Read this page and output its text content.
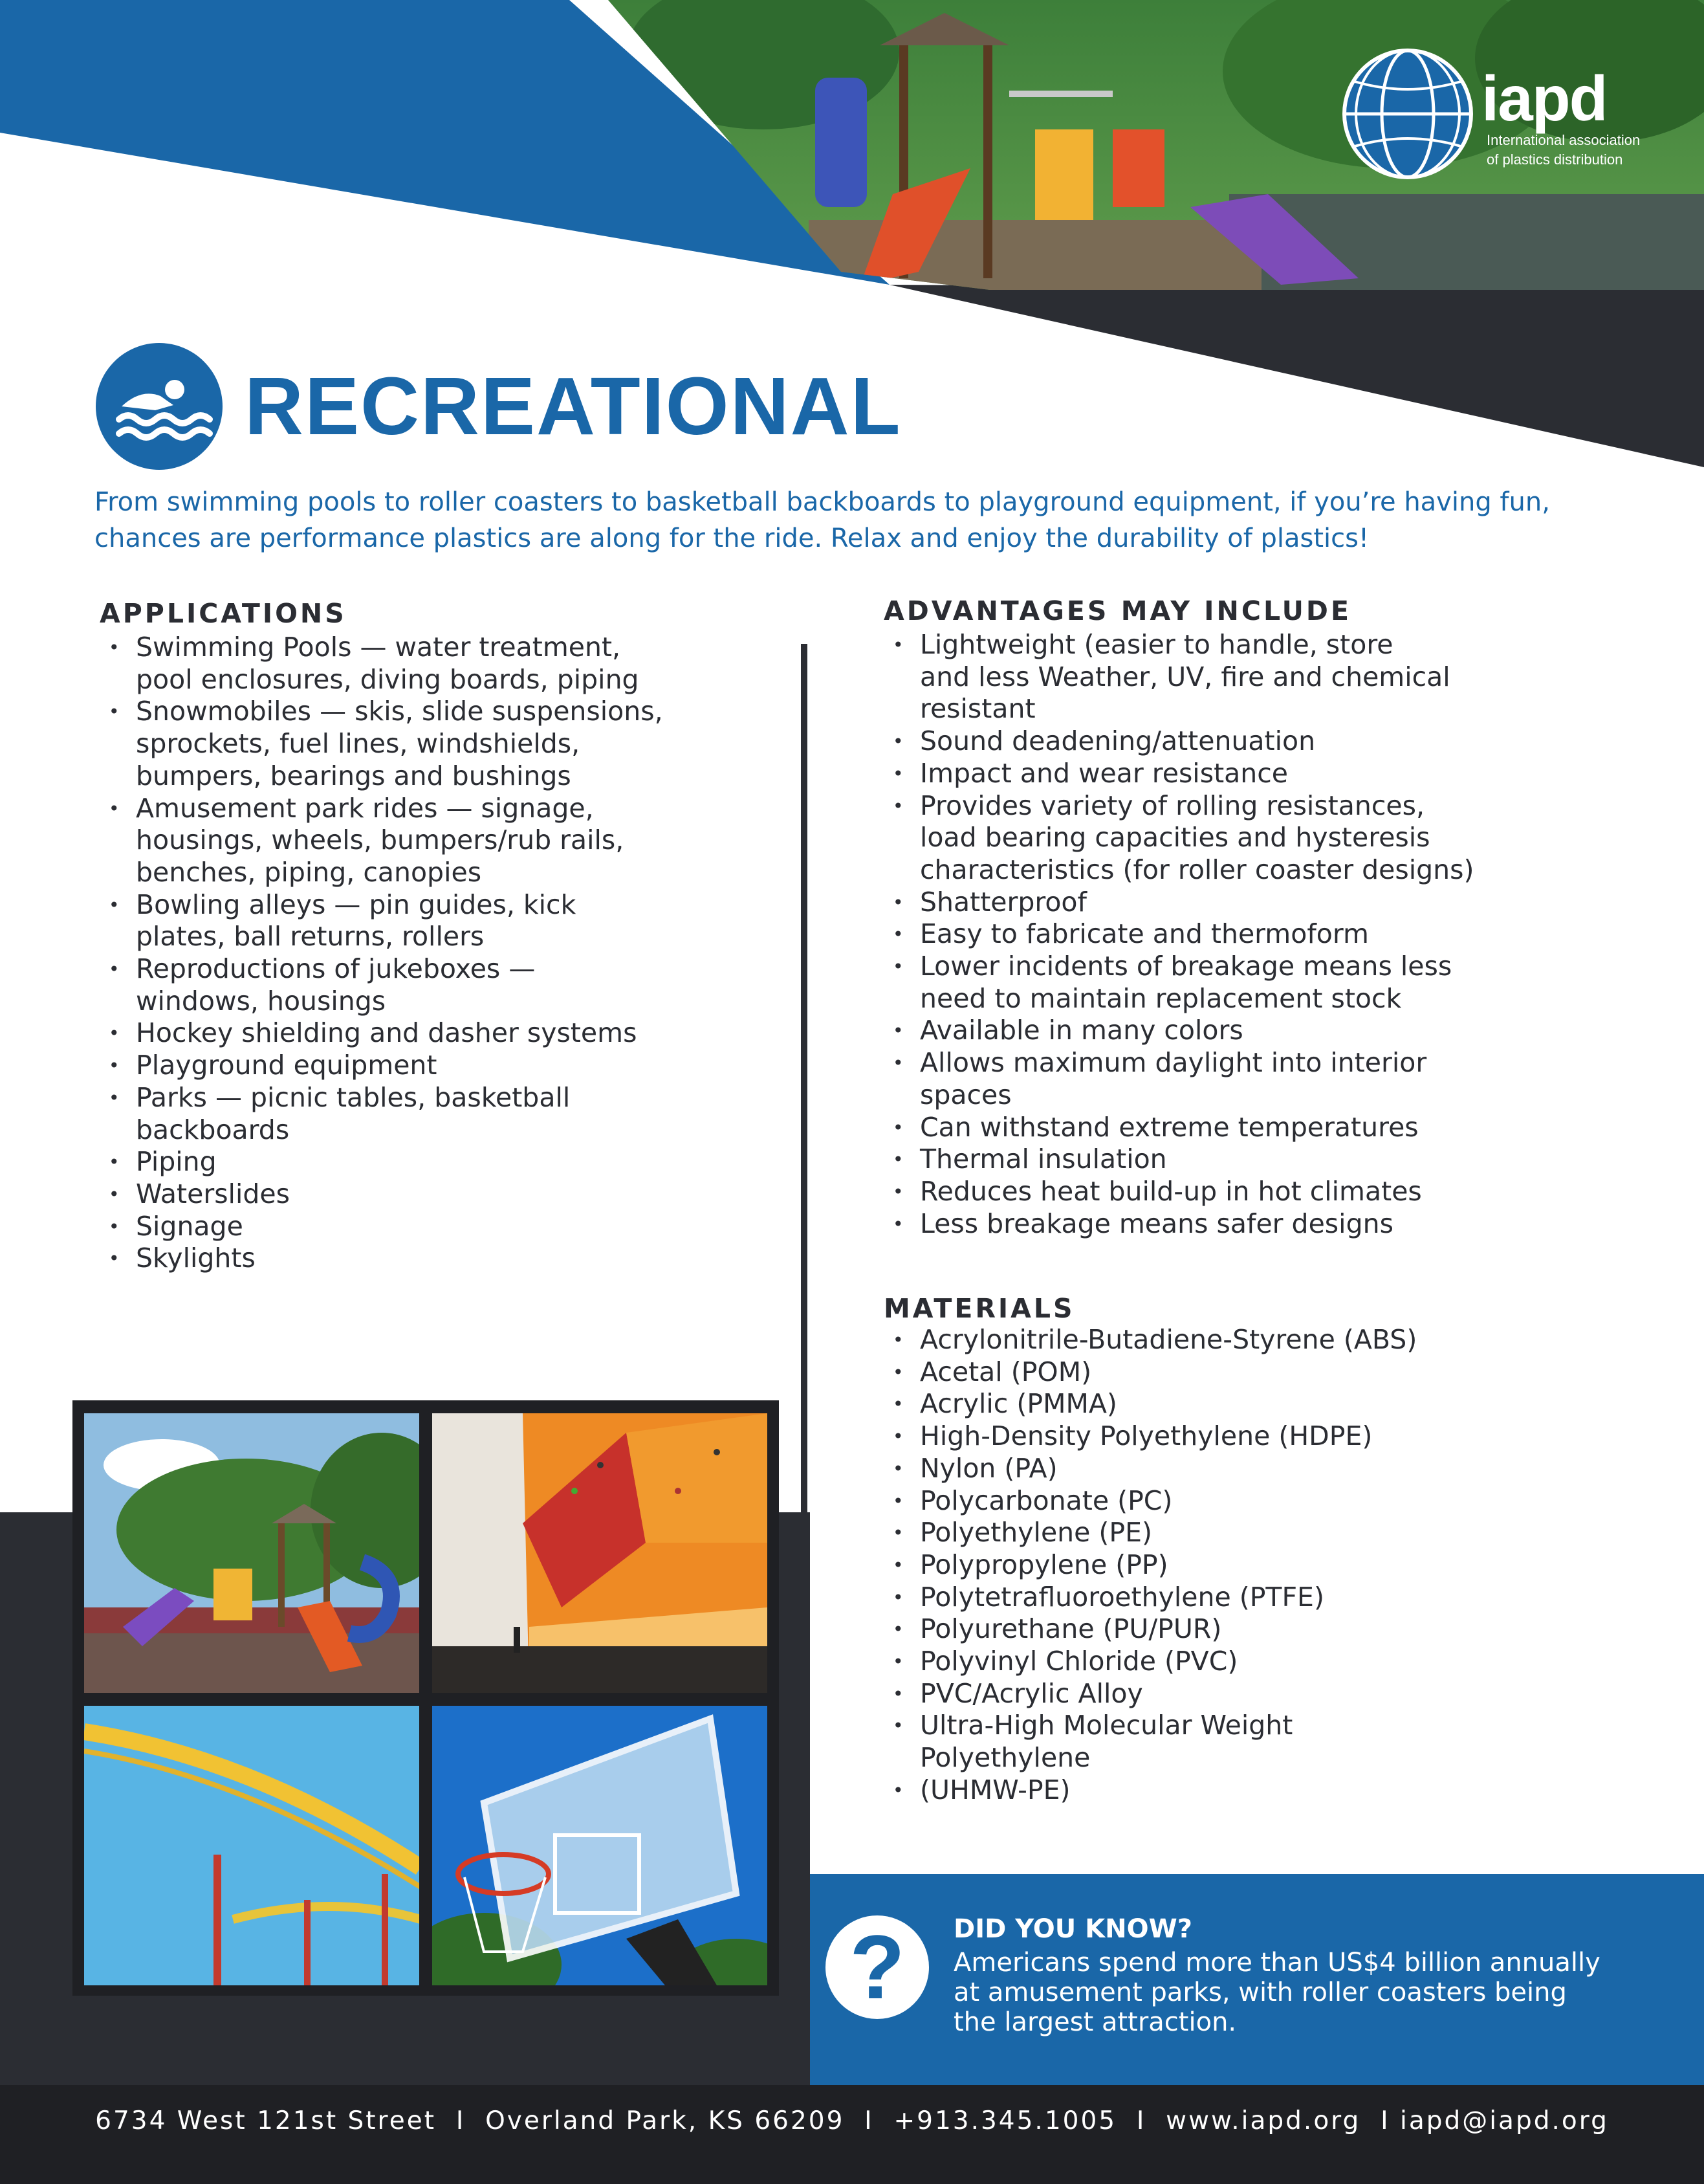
iapd
International association
of plastics distribution
RECREATIONAL
From swimming pools to roller coasters to basketball backboards to playground equipment, if you’re having fun, chances are performance plastics are along for the ride. Relax and enjoy the durability of plastics!
APPLICATIONS
• Swimming Pools — water treatment,
pool enclosures, diving boards, piping
• Snowmobiles — skis, slide suspensions,
sprockets, fuel lines, windshields,
bumpers, bearings and bushings
• Amusement park rides — signage,
housings, wheels, bumpers/rub rails,
benches, piping, canopies
• Bowling alleys — pin guides, kick
plates, ball returns, rollers
• Reproductions of jukeboxes —
windows, housings
• Hockey shielding and dasher systems
• Playground equipment
• Parks — picnic tables, basketball
backboards
• Piping
• Waterslides
• Signage
• Skylights
ADVANTAGES MAY INCLUDE
• Lightweight (easier to handle, store
and less Weather, UV, fire and chemical
resistant
• Sound deadening/attenuation
• Impact and wear resistance
• Provides variety of rolling resistances,
load bearing capacities and hysteresis
characteristics (for roller coaster designs)
• Shatterproof
• Easy to fabricate and thermoform
• Lower incidents of breakage means less
need to maintain replacement stock
• Available in many colors
• Allows maximum daylight into interior
spaces
• Can withstand extreme temperatures
• Thermal insulation
• Reduces heat build-up in hot climates
• Less breakage means safer designs
MATERIALS
• Acrylonitrile-Butadiene-Styrene (ABS)
• Acetal (POM)
• Acrylic (PMMA)
• High-Density Polyethylene (HDPE)
• Nylon (PA)
• Polycarbonate (PC)
• Polyethylene (PE)
• Polypropylene (PP)
• Polytetrafluoroethylene (PTFE)
• Polyurethane (PU/PUR)
• Polyvinyl Chloride (PVC)
• PVC/Acrylic Alloy
• Ultra-High Molecular Weight
Polyethylene
• (UHMW-PE)
?	DID YOU KNOW?
Americans spend more than US$4 billion annually
at amusement parks, with roller coasters being
the largest attraction.
6734 West 121st Street  I  Overland Park, KS 66209  I  +913.345.1005  I  www.iapd.org  I iapd@iapd.org
